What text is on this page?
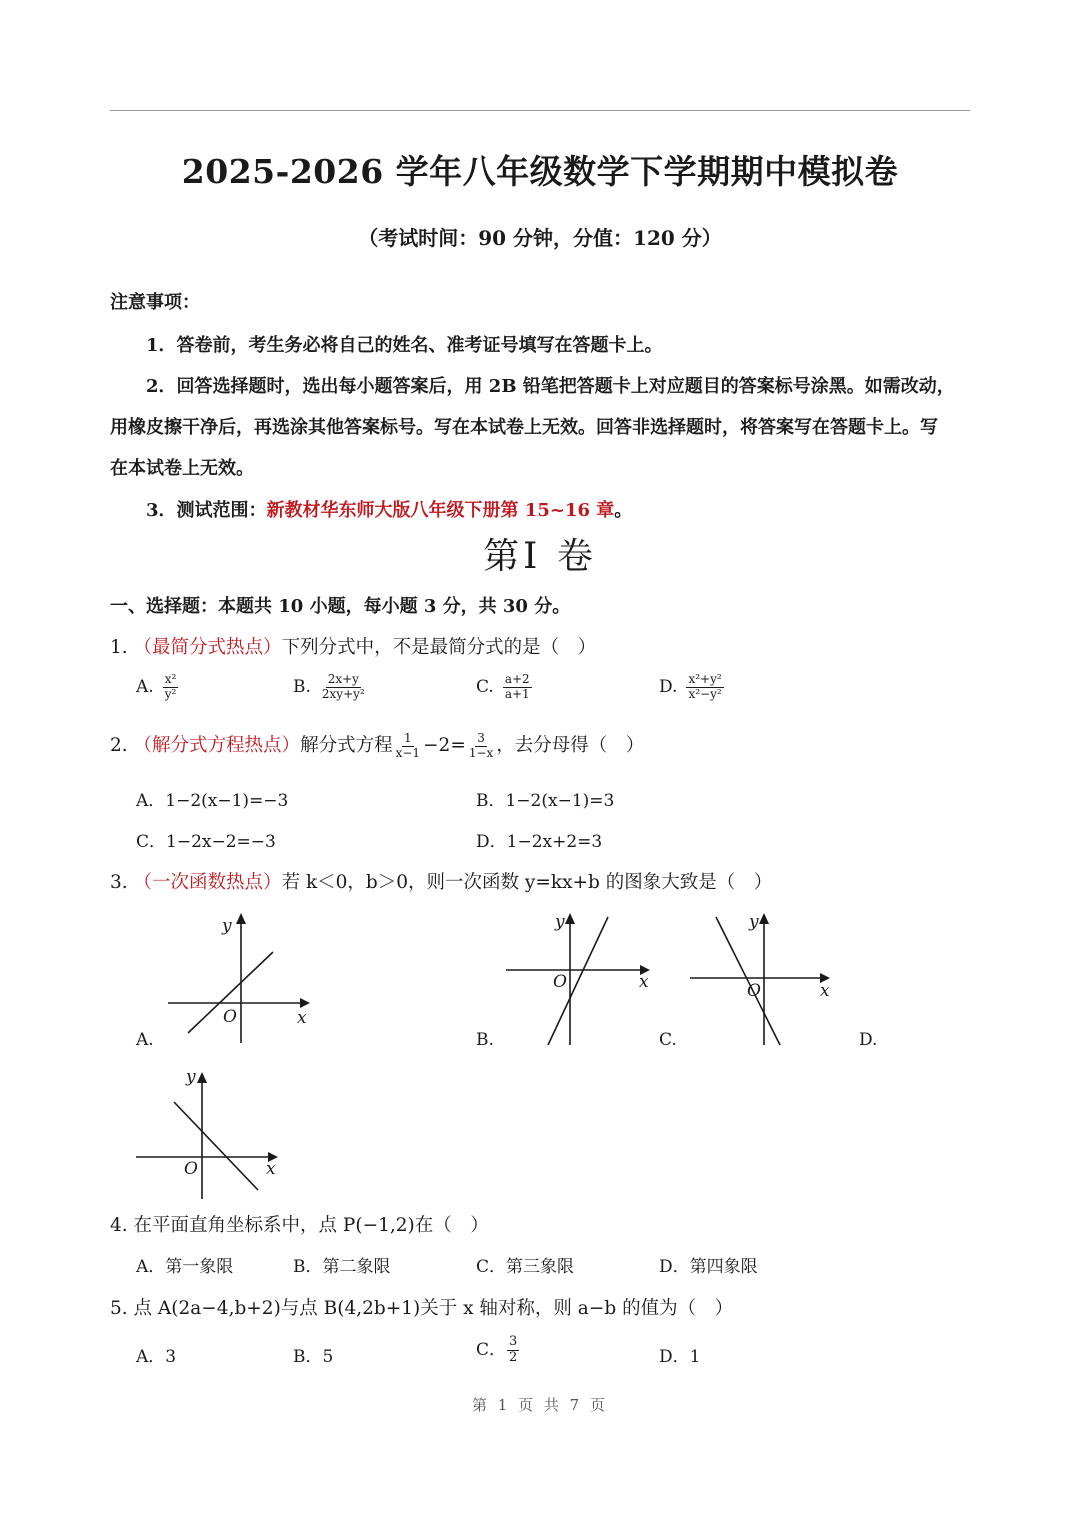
2025-2026 学年八年级数学下学期期中模拟卷
（考试时间：90 分钟，分值：120 分）
注意事项：
1．答卷前，考生务必将自己的姓名、准考证号填写在答题卡上。
2．回答选择题时，选出每小题答案后，用 2B 铅笔把答题卡上对应题目的答案标号涂黑。如需改动，
用橡皮擦干净后，再选涂其他答案标号。写在本试卷上无效。回答非选择题时，将答案写在答题卡上。写
在本试卷上无效。
3．测试范围：新教材华东师大版八年级下册第 15~16 章。
第Ⅰ 卷
一、选择题：本题共 10 小题，每小题 3 分，共 30 分。
1. （最简分式热点）下列分式中，不是最简分式的是（　）
A. $\frac{\text{x²}}{\text{y²}}$	B. $\frac{2x+y}{\text{2xy+y²}}$	C. $\frac{a+2}{a+1}$	D. $\frac{\text{x²+y²}}{\text{x²−y²}}$
2. （解分式方程热点）解分式方程 $\frac{1}{x-1} -2= \frac{3}{1-x}$ ，去分母得（　）
A．1−2(x−1)=−3	B．1−2(x−1)=3
C．1−2x−2=−3	D．1−2x+2=3
3. （一次函数热点）若 k＜0，b＞0，则一次函数 y=kx+b 的图象大致是（　）
y
x
O
A.
y
x
O
B.
y
x
O
C.	D.
y
x
O
4. 在平面直角坐标系中，点 P(−1,2)在（　）
A．第一象限	B．第二象限	C．第三象限	D．第四象限
5. 点 A(2a−4,b+2)与点 B(4,2b+1)关于 x 轴对称，则 a−b 的值为（　）
A．3	B．5	C． $\frac{3}{2}$	D．1
第 1 页 共 7 页
